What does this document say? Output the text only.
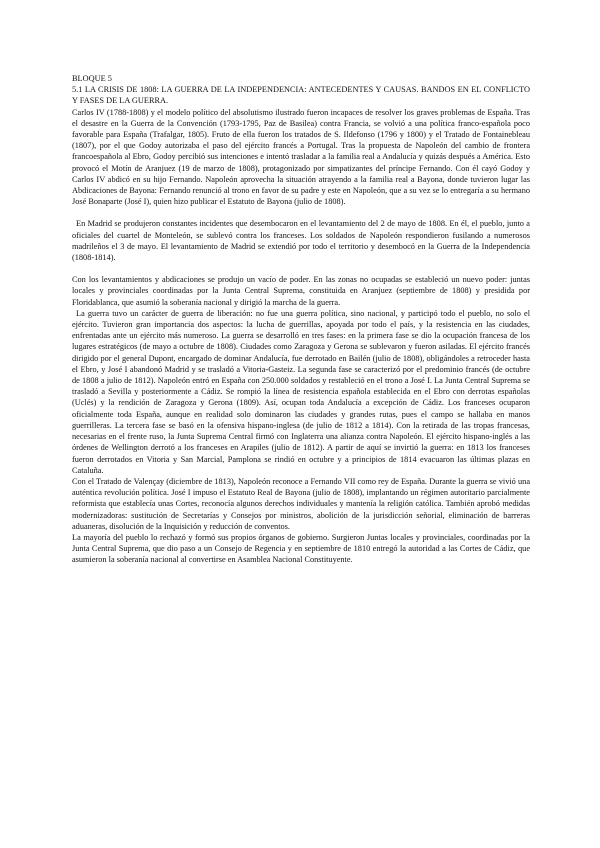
BLOQUE 5

5.1 LA CRISIS DE 1808: LA GUERRA DE LA INDEPENDENCIA: ANTECEDENTES Y CAUSAS. BANDOS EN EL CONFLICTO Y FASES DE LA GUERRA.

Carlos IV (1788-1808) y el modelo político del absolutismo ilustrado fueron incapaces de resolver los graves problemas de España. Tras el desastre en la Guerra de la Convención (1793-1795, Paz de Basilea) contra Francia, se volvió a una política franco-española poco favorable para España (Trafalgar, 1805). Fruto de ella fueron los tratados de S. Ildefonso (1796 y 1800) y el Tratado de Fontainebleau (1807), por el que Godoy autorizaba el paso del ejército francés a Portugal. Tras la propuesta de Napoleón del cambio de frontera francoespañola al Ebro, Godoy percibió sus intenciones e intentó trasladar a la familia real a Andalucía y quizás después a América. Esto provocó el Motín de Aranjuez (19 de marzo de 1808), protagonizado por simpatizantes del príncipe Fernando. Con él cayó Godoy y Carlos IV abdicó en su hijo Fernando. Napoleón aprovecha la situación atrayendo a la familia real a Bayona, donde tuvieron lugar las Abdicaciones de Bayona: Fernando renunció al trono en favor de su padre y este en Napoleón, que a su vez se lo entregaría a su hermano José Bonaparte (José I), quien hizo publicar el Estatuto de Bayona (julio de 1808).

En Madrid se produjeron constantes incidentes que desembocaron en el levantamiento del 2 de mayo de 1808. En él, el pueblo, junto a oficiales del cuartel de Monteleón, se sublevó contra los franceses. Los soldados de Napoleón respondieron fusilando a numerosos madrileños el 3 de mayo. El levantamiento de Madrid se extendió por todo el territorio y desembocó en la Guerra de la Independencia (1808-1814).

Con los levantamientos y abdicaciones se produjo un vacío de poder. En las zonas no ocupadas se estableció un nuevo poder: juntas locales y provinciales coordinadas por la Junta Central Suprema, constituida en Aranjuez (septiembre de 1808) y presidida por Floridablanca, que asumió la soberanía nacional y dirigió la marcha de la guerra.

La guerra tuvo un carácter de guerra de liberación: no fue una guerra política, sino nacional, y participó todo el pueblo, no solo el ejército. Tuvieron gran importancia dos aspectos: la lucha de guerrillas, apoyada por todo el país, y la resistencia en las ciudades, enfrentadas ante un ejército más numeroso. La guerra se desarrolló en tres fases: en la primera fase se dio la ocupación francesa de los lugares estratégicos (de mayo a octubre de 1808). Ciudades como Zaragoza y Gerona se sublevaron y fueron asiladas. El ejército francés dirigido por el general Dupont, encargado de dominar Andalucía, fue derrotado en Bailén (julio de 1808), obligándoles a retroceder hasta el Ebro, y José I abandonó Madrid y se trasladó a Vitoria-Gasteiz. La segunda fase se caracterizó por el predominio francés (de octubre de 1808 a julio de 1812). Napoleón entró en España con 250.000 soldados y restableció en el trono a José I. La Junta Central Suprema se trasladó a Sevilla y posteriormente a Cádiz. Se rompió la línea de resistencia española establecida en el Ebro con derrotas españolas (Uclés) y la rendición de Zaragoza y Gerona (1809). Así, ocupan toda Andalucía a excepción de Cádiz. Los franceses ocuparon oficialmente toda España, aunque en realidad solo dominaron las ciudades y grandes rutas, pues el campo se hallaba en manos guerrilleras. La tercera fase se basó en la ofensiva hispano-inglesa (de julio de 1812 a 1814). Con la retirada de las tropas francesas, necesarias en el frente ruso, la Junta Suprema Central firmó con Inglaterra una alianza contra Napoleón. El ejército hispano-inglés a las órdenes de Wellington derrotó a los franceses en Arapiles (julio de 1812). A partir de aquí se invirtió la guerra: en 1813 los franceses fueron derrotados en Vitoria y San Marcial, Pamplona se rindió en octubre y a principios de 1814 evacuaron las últimas plazas en Cataluña.

Con el Tratado de Valençay (diciembre de 1813), Napoleón reconoce a Fernando VII como rey de España. Durante la guerra se vivió una auténtica revolución política. José I impuso el Estatuto Real de Bayona (julio de 1808), implantando un régimen autoritario parcialmente reformista que establecía unas Cortes, reconocía algunos derechos individuales y mantenía la religión católica. También aprobó medidas modernizadoras: sustitución de Secretarías y Consejos por ministros, abolición de la jurisdicción señorial, eliminación de barreras aduaneras, disolución de la Inquisición y reducción de conventos.

La mayoría del pueblo lo rechazó y formó sus propios órganos de gobierno. Surgieron Juntas locales y provinciales, coordinadas por la Junta Central Suprema, que dio paso a un Consejo de Regencia y en septiembre de 1810 entregó la autoridad a las Cortes de Cádiz, que asumieron la soberanía nacional al convertirse en Asamblea Nacional Constituyente.
